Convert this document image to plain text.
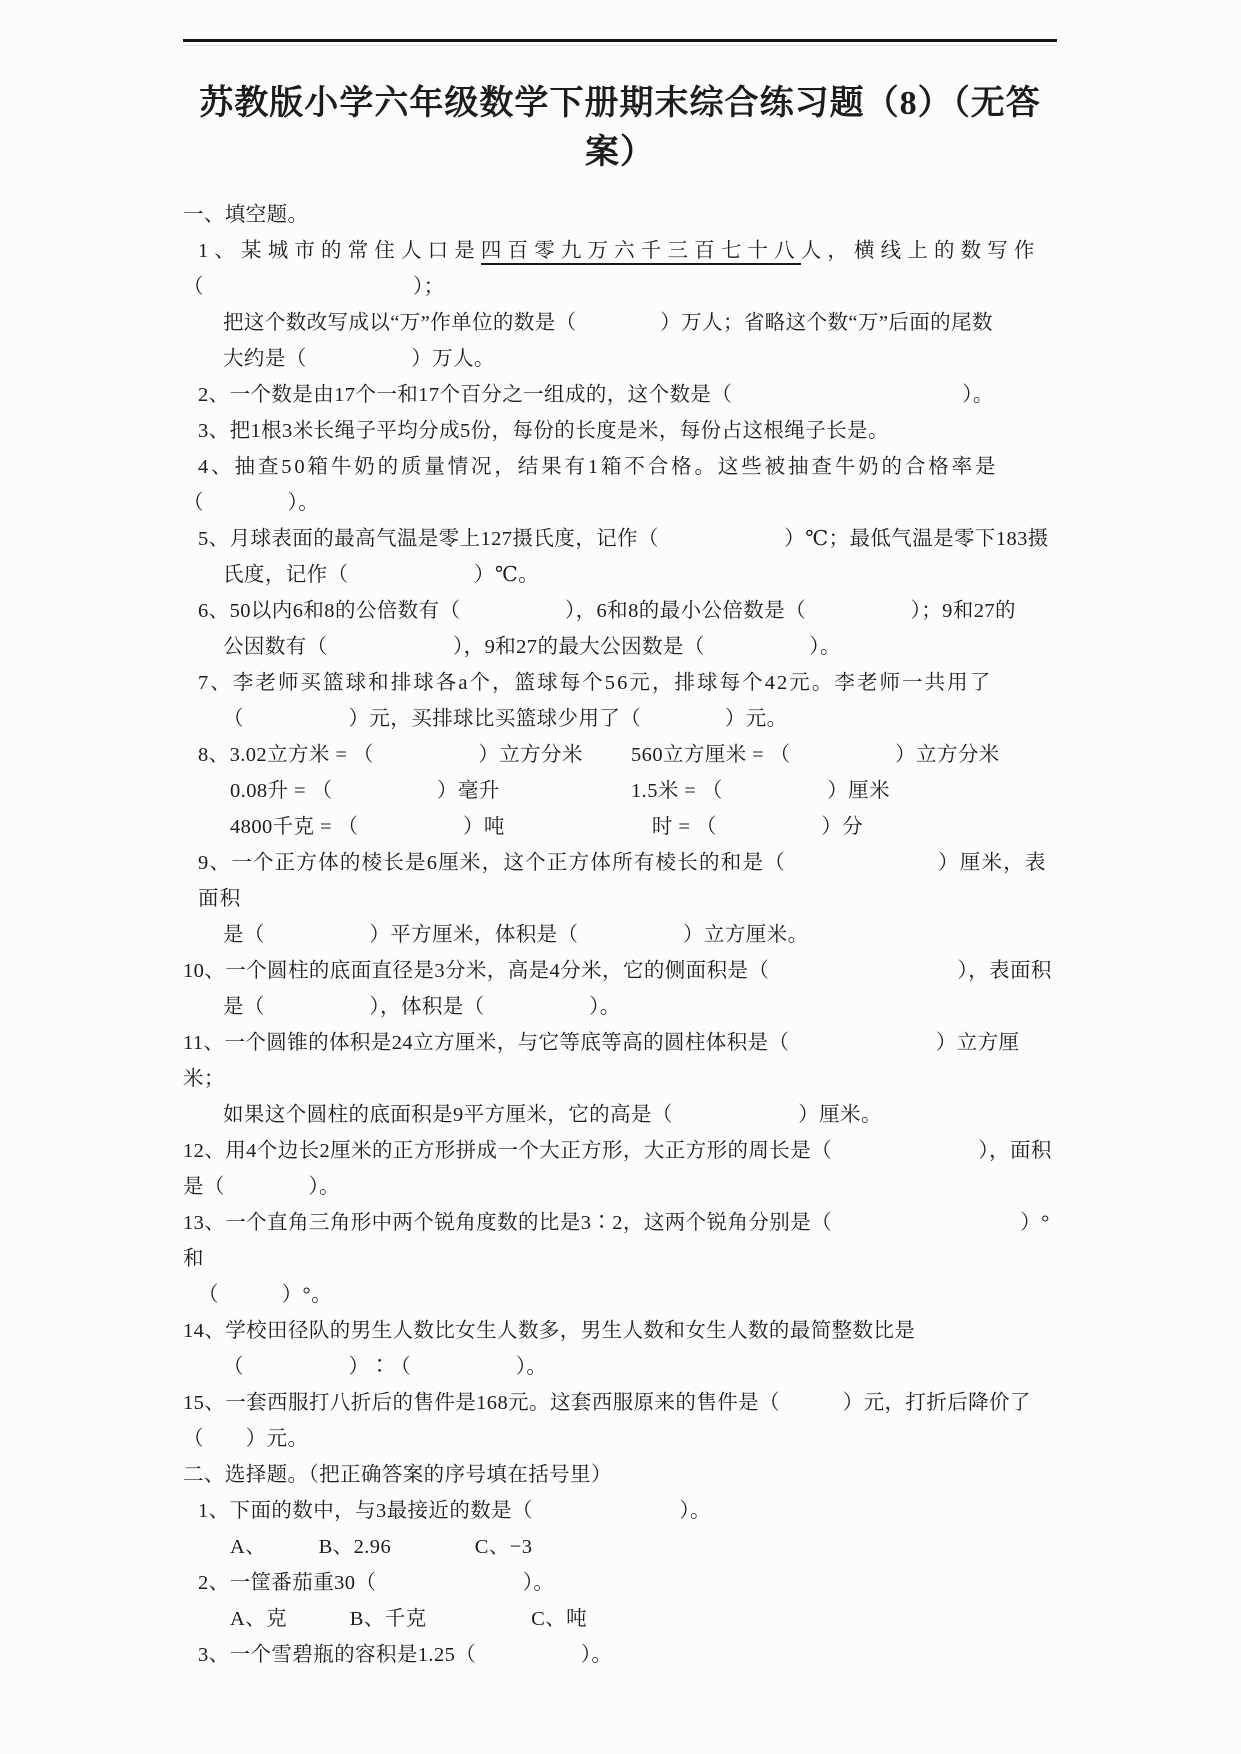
苏教版小学六年级数学下册期末综合练习题（8）（无答
案）
一、填空题。
1、某城市的常住人口是四百零九万六千三百七十八人，横线上的数写作
（　　　　　　　　　　）；
把这个数改写成以“万”作单位的数是（　　　　）万人；省略这个数“万”后面的尾数
大约是（　　　　　）万人。
2、一个数是由17个一和17个百分之一组成的，这个数是（　　　　　　　　　　　）。
3、把1根3米长绳子平均分成5份，每份的长度是米，每份占这根绳子长是。
4、抽查50箱牛奶的质量情况，结果有1箱不合格。这些被抽查牛奶的合格率是
（　　　　）。
5、月球表面的最高气温是零上127摄氏度，记作（　　　　　　）℃；最低气温是零下183摄
氏度，记作（　　　　　　）℃。
6、50以内6和8的公倍数有（　　　　　），6和8的最小公倍数是（　　　　　）；9和27的
公因数有（　　　　　　），9和27的最大公因数是（　　　　　）。
7、李老师买篮球和排球各a个，篮球每个56元，排球每个42元。李老师一共用了
（　　　　　）元，买排球比买篮球少用了（　　　　）元。
8、3.02立方米 = （　　　　　）立方分米	560立方厘米 = （　　　　　）立方分米
0.08升 = （　　　　　）毫升	1.5米 = （　　　　　）厘米
4800千克 = （　　　　　）吨	　时 = （　　　　　）分
9、一个正方体的棱长是6厘米，这个正方体所有棱长的和是（　　　　　　　）厘米，表面积
是（　　　　　）平方厘米，体积是（　　　　　）立方厘米。
10、一个圆柱的底面直径是3分米，高是4分米，它的侧面积是（　　　　　　　　　），表面积
是（　　　　　），体积是（　　　　　）。
11、一个圆锥的体积是24立方厘米，与它等底等高的圆柱体积是（　　　　　　　）立方厘米；
如果这个圆柱的底面积是9平方厘米，它的高是（　　　　　　）厘米。
12、用4个边长2厘米的正方形拼成一个大正方形，大正方形的周长是（　　　　　　　），面积
是（　　　　）。
13、一个直角三角形中两个锐角度数的比是3∶2，这两个锐角分别是（　　　　　　　　　）°和
（　　　）°。
14、学校田径队的男生人数比女生人数多，男生人数和女生人数的最简整数比是
（　　　　　）∶（　　　　　）。
15、一套西服打八折后的售件是168元。这套西服原来的售件是（　　　）元，打折后降价了
（　　）元。
二、选择题。（把正确答案的序号填在括号里）
1、下面的数中，与3最接近的数是（　　　　　　　）。
A、　　　B、2.96　　　　C、−3
2、一筐番茄重30（　　　　　　　）。
A、克　　　B、千克　　　　　C、吨
3、一个雪碧瓶的容积是1.25（　　　　　）。
